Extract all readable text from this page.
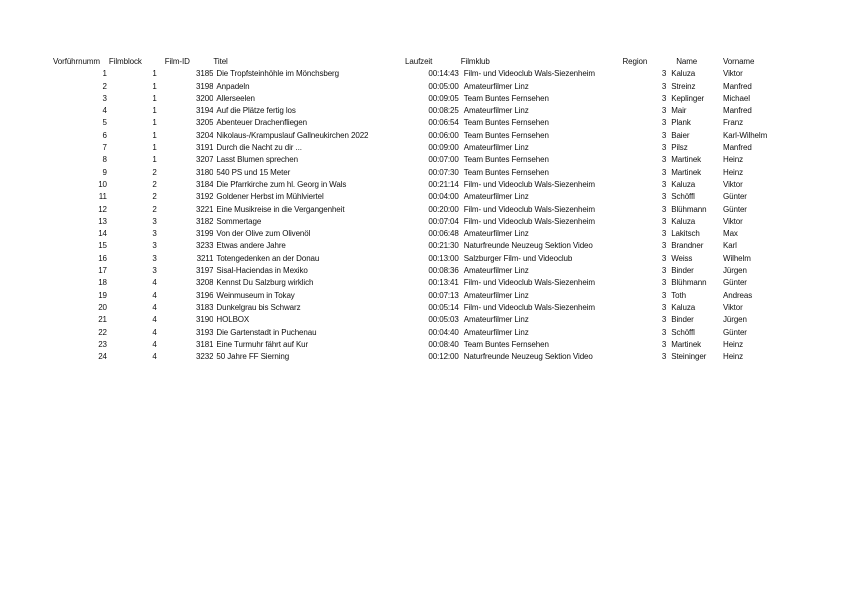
Vorführnumm	Filmblock	Film-ID	Titel	Laufzeit	Filmklub	Region	Name	Vorname
1	1	3185	Die Tropfsteinhöhle im Mönchsberg	00:14:43	Film- und Videoclub Wals-Siezenheim	3	Kaluza	Viktor
2	1	3198	Anpadeln	00:05:00	Amateurfilmer Linz	3	Streinz	Manfred
3	1	3200	Allerseelen	00:09:05	Team Buntes Fernsehen	3	Keplinger	Michael
4	1	3194	Auf die Plätze fertig los	00:08:25	Amateurfilmer Linz	3	Mair	Manfred
5	1	3205	Abenteuer Drachenfliegen	00:06:54	Team Buntes Fernsehen	3	Plank	Franz
6	1	3204	Nikolaus-/Krampuslauf Gallneukirchen 2022	00:06:00	Team Buntes Fernsehen	3	Baier	Karl-Wilhelm
7	1	3191	Durch die Nacht zu dir ...	00:09:00	Amateurfilmer Linz	3	Pilsz	Manfred
8	1	3207	Lasst Blumen sprechen	00:07:00	Team Buntes Fernsehen	3	Martinek	Heinz
9	2	3180	540 PS und 15 Meter	00:07:30	Team Buntes Fernsehen	3	Martinek	Heinz
10	2	3184	Die Pfarrkirche zum hl. Georg in Wals	00:21:14	Film- und Videoclub Wals-Siezenheim	3	Kaluza	Viktor
11	2	3192	Goldener Herbst im Mühlviertel	00:04:00	Amateurfilmer Linz	3	Schöffl	Günter
12	2	3221	Eine Musikreise in die Vergangenheit	00:20:00	Film- und Videoclub Wals-Siezenheim	3	Blühmann	Günter
13	3	3182	Sommertage	00:07:04	Film- und Videoclub Wals-Siezenheim	3	Kaluza	Viktor
14	3	3199	Von der Olive zum Olivenöl	00:06:48	Amateurfilmer Linz	3	Lakitsch	Max
15	3	3233	Etwas andere Jahre	00:21:30	Naturfreunde Neuzeug Sektion Video	3	Brandner	Karl
16	3	3211	Totengedenken an der Donau	00:13:00	Salzburger Film- und Videoclub	3	Weiss	Wilhelm
17	3	3197	Sisal-Haciendas in Mexiko	00:08:36	Amateurfilmer Linz	3	Binder	Jürgen
18	4	3208	Kennst Du Salzburg wirklich	00:13:41	Film- und Videoclub Wals-Siezenheim	3	Blühmann	Günter
19	4	3196	Weinmuseum in Tokay	00:07:13	Amateurfilmer Linz	3	Toth	Andreas
20	4	3183	Dunkelgrau bis Schwarz	00:05:14	Film- und Videoclub Wals-Siezenheim	3	Kaluza	Viktor
21	4	3190	HOLBOX	00:05:03	Amateurfilmer Linz	3	Binder	Jürgen
22	4	3193	Die Gartenstadt in Puchenau	00:04:40	Amateurfilmer Linz	3	Schöffl	Günter
23	4	3181	Eine Turmuhr fährt auf Kur	00:08:40	Team Buntes Fernsehen	3	Martinek	Heinz
24	4	3232	50 Jahre FF Sierning	00:12:00	Naturfreunde Neuzeug Sektion Video	3	Steininger	Heinz
